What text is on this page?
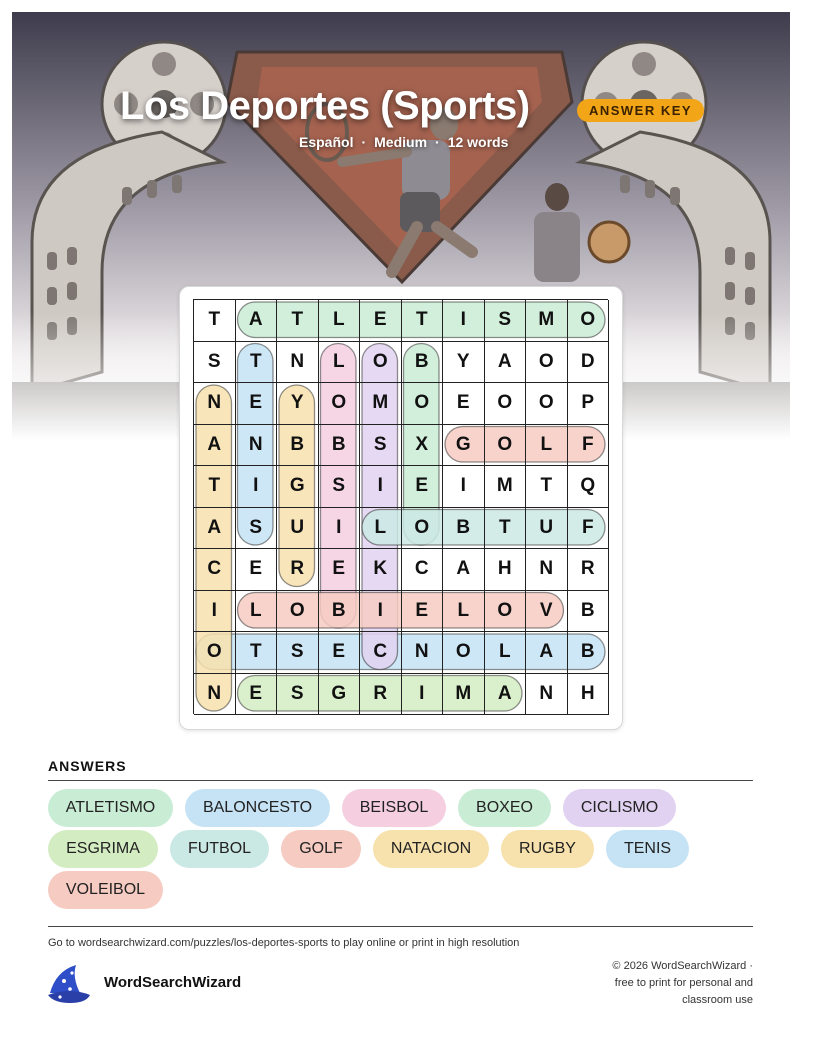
Los Deportes (Sports)	ANSWER KEY
Español · Medium · 12 words
T	A	T	L	E	T	I	S	M	O
S	T	N	L	O	B	Y	A	O	D
N	E	Y	O	M	O	E	O	O	P
A	N	B	B	S	X	G	O	L	F
T	I	G	S	I	E	I	M	T	Q
A	S	U	I	L	O	B	T	U	F
C	E	R	E	K	C	A	H	N	R
I	L	O	B	I	E	L	O	V	B
O	T	S	E	C	N	O	L	A	B
N	E	S	G	R	I	M	A	N	H
ANSWERS
ATLETISMO	BALONCESTO	BEISBOL	BOXEO	CICLISMO
ESGRIMA	FUTBOL	GOLF	NATACION	RUGBY	TENIS
VOLEIBOL
Go to wordsearchwizard.com/puzzles/los-deportes-sports to play online or print in high resolution
WordSearchWizard
© 2026 WordSearchWizard ·
free to print for personal and
classroom use
